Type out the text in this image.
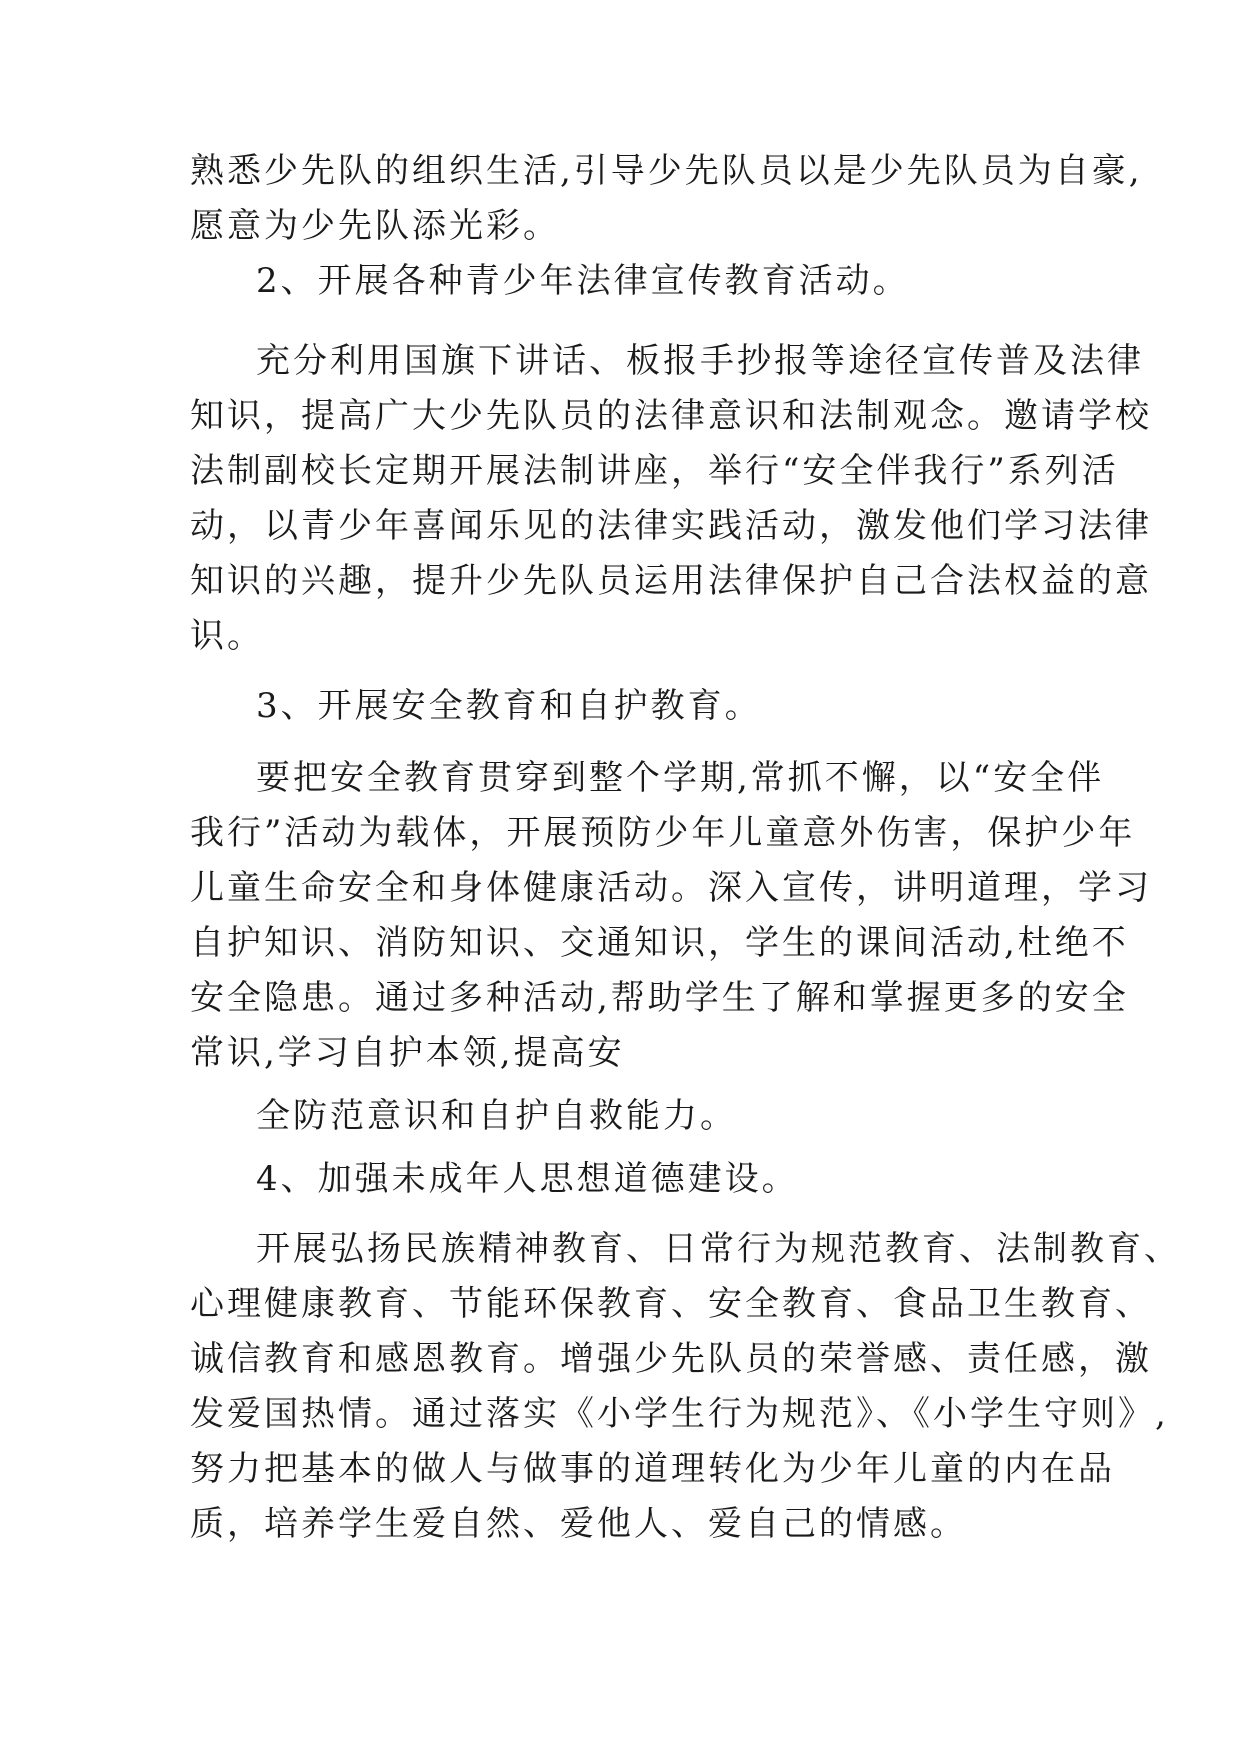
熟悉少先队的组织生活,引导少先队员以是少先队员为自豪,
愿意为少先队添光彩。
2、开展各种青少年法律宣传教育活动。
充分利用国旗下讲话、板报手抄报等途径宣传普及法律
知识，提高广大少先队员的法律意识和法制观念。邀请学校
法制副校长定期开展法制讲座，举行“安全伴我行”系列活
动，以青少年喜闻乐见的法律实践活动，激发他们学习法律
知识的兴趣，提升少先队员运用法律保护自己合法权益的意
识。
3、开展安全教育和自护教育。
要把安全教育贯穿到整个学期,常抓不懈，以“安全伴
我行”活动为载体，开展预防少年儿童意外伤害，保护少年
儿童生命安全和身体健康活动。深入宣传，讲明道理，学习
自护知识、消防知识、交通知识，学生的课间活动,杜绝不
安全隐患。通过多种活动,帮助学生了解和掌握更多的安全
常识,学习自护本领,提高安
全防范意识和自护自救能力。
4、加强未成年人思想道德建设。
开展弘扬民族精神教育、日常行为规范教育、法制教育、
心理健康教育、节能环保教育、安全教育、食品卫生教育、
诚信教育和感恩教育。增强少先队员的荣誉感、责任感，激
发爱国热情。通过落实《小学生行为规范》、《小学生守则》,
努力把基本的做人与做事的道理转化为少年儿童的内在品
质，培养学生爱自然、爱他人、爱自己的情感。
